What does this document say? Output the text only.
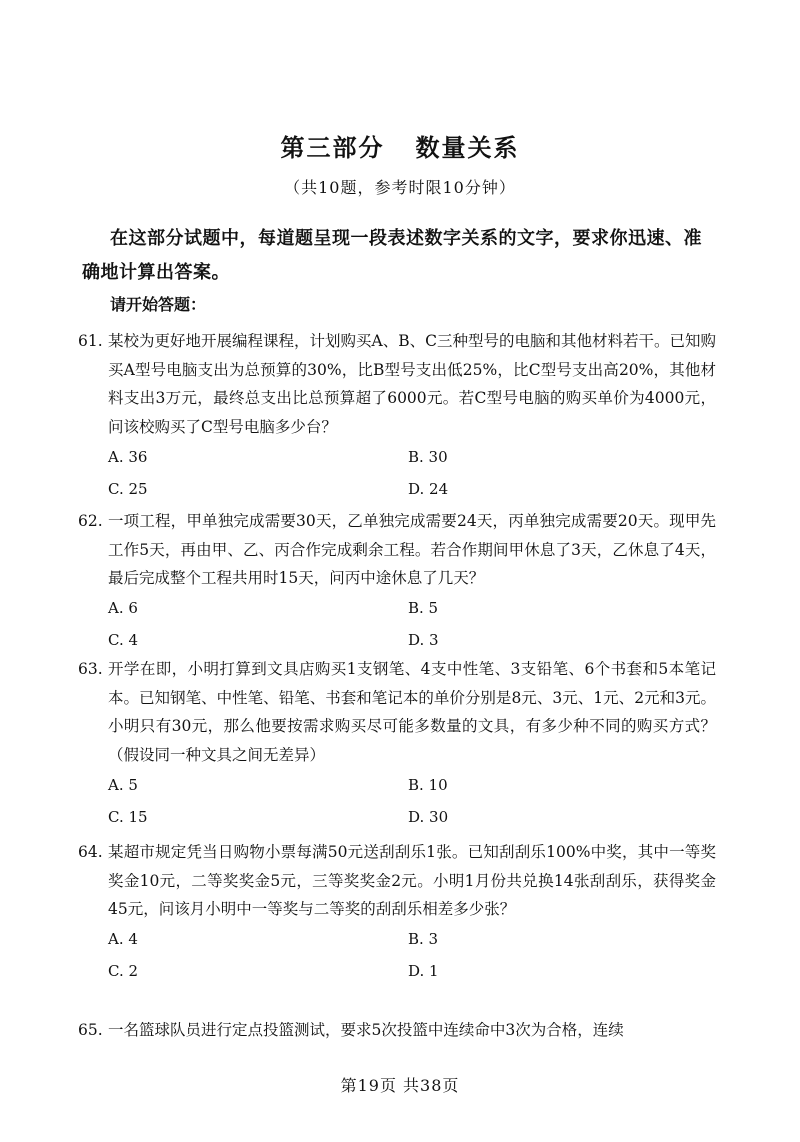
第三部分   数量关系
（共10题，参考时限10分钟）
在这部分试题中，每道题呈现一段表述数字关系的文字，要求你迅速、准确地计算出答案。
请开始答题：
61. 某校为更好地开展编程课程，计划购买A、B、C三种型号的电脑和其他材料若干。已知购买A型号电脑支出为总预算的30%，比B型号支出低25%，比C型号支出高20%，其他材料支出3万元，最终总支出比总预算超了6000元。若C型号电脑的购买单价为4000元，问该校购买了C型号电脑多少台？
A. 36	B. 30
C. 25	D. 24
62. 一项工程，甲单独完成需要30天，乙单独完成需要24天，丙单独完成需要20天。现甲先工作5天，再由甲、乙、丙合作完成剩余工程。若合作期间甲休息了3天，乙休息了4天，最后完成整个工程共用时15天，问丙中途休息了几天？
A. 6	B. 5
C. 4	D. 3
63. 开学在即，小明打算到文具店购买1支钢笔、4支中性笔、3支铅笔、6个书套和5本笔记本。已知钢笔、中性笔、铅笔、书套和笔记本的单价分别是8元、3元、1元、2元和3元。小明只有30元，那么他要按需求购买尽可能多数量的文具，有多少种不同的购买方式？（假设同一种文具之间无差异）
A. 5	B. 10
C. 15	D. 30
64. 某超市规定凭当日购物小票每满50元送刮刮乐1张。已知刮刮乐100%中奖，其中一等奖奖金10元，二等奖奖金5元，三等奖奖金2元。小明1月份共兑换14张刮刮乐，获得奖金45元，问该月小明中一等奖与二等奖的刮刮乐相差多少张？
A. 4	B. 3
C. 2	D. 1
65. 一名篮球队员进行定点投篮测试，要求5次投篮中连续命中3次为合格，连续
第19页 共38页
